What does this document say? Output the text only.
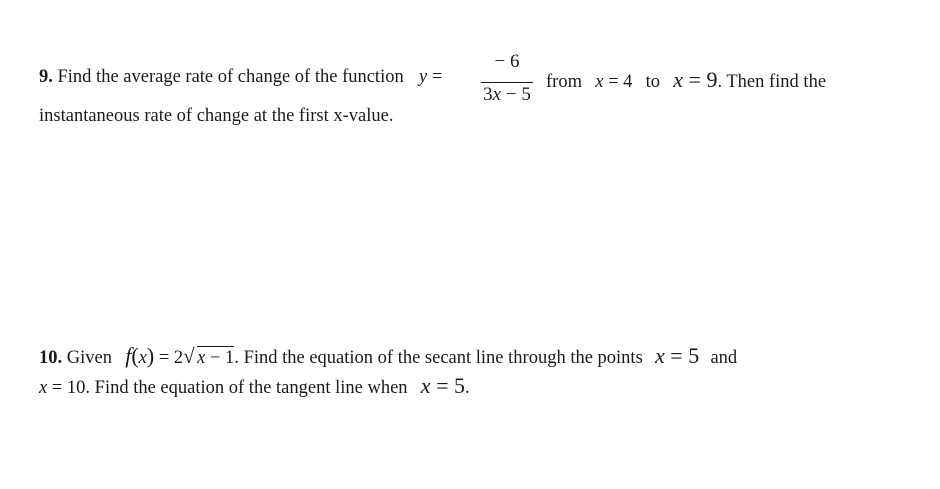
9. Find the average rate of change of the function y =
− 6
3x − 5
from x = 4 to x = 9. Then find the
instantaneous rate of change at the first x-value.
10. Given f(x) = 2 √ x − 1. Find the equation of the secant line through the points x = 5 and
x = 10. Find the equation of the tangent line when x = 5.
